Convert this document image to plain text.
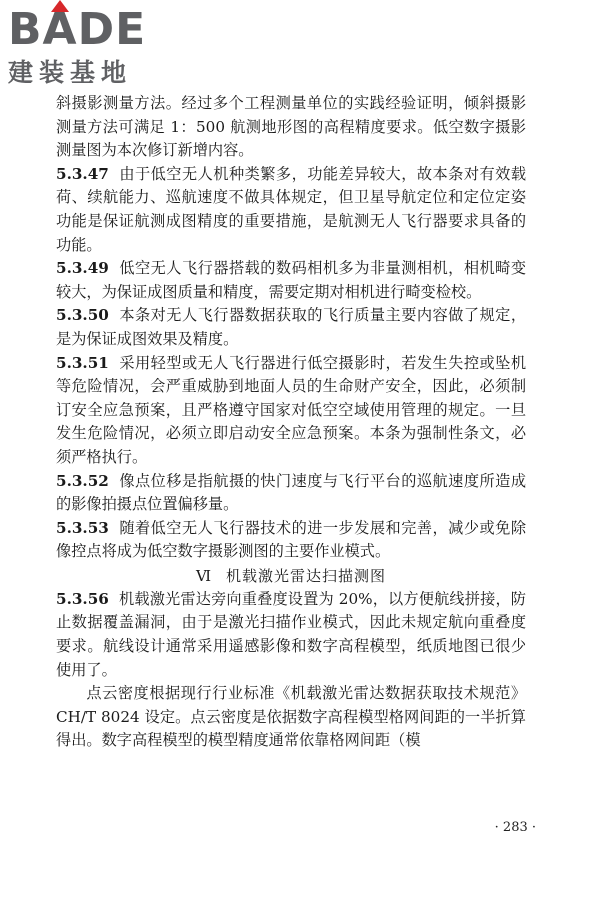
B A DE
建装基地

斜摄影测量方法。经过多个工程测量单位的实践经验证明，倾斜摄影测量方法可满足 1：500 航测地形图的高程精度要求。低空数字摄影测量图为本次修订新增内容。

5.3.47 由于低空无人机种类繁多，功能差异较大，故本条对有效载荷、续航能力、巡航速度不做具体规定，但卫星导航定位和定位定姿功能是保证航测成图精度的重要措施，是航测无人飞行器要求具备的功能。

5.3.49 低空无人飞行器搭载的数码相机多为非量测相机，相机畸变较大，为保证成图质量和精度，需要定期对相机进行畸变检校。

5.3.50 本条对无人飞行器数据获取的飞行质量主要内容做了规定，是为保证成图效果及精度。

5.3.51 采用轻型或无人飞行器进行低空摄影时，若发生失控或坠机等危险情况，会严重威胁到地面人员的生命财产安全，因此，必须制订安全应急预案，且严格遵守国家对低空空域使用管理的规定。一旦发生危险情况，必须立即启动安全应急预案。本条为强制性条文，必须严格执行。

5.3.52 像点位移是指航摄的快门速度与飞行平台的巡航速度所造成的影像拍摄点位置偏移量。

5.3.53 随着低空无人飞行器技术的进一步发展和完善，减少或免除像控点将成为低空数字摄影测图的主要作业模式。

Ⅵ 机载激光雷达扫描测图

5.3.56 机载激光雷达旁向重叠度设置为 20%，以方便航线拼接，防止数据覆盖漏洞，由于是激光扫描作业模式，因此未规定航向重叠度要求。航线设计通常采用遥感影像和数字高程模型，纸质地图已很少使用了。

点云密度根据现行行业标准《机载激光雷达数据获取技术规范》CH/T 8024 设定。点云密度是依据数字高程模型格网间距的一半折算得出。数字高程模型的模型精度通常依靠格网间距（模

· 283 ·
